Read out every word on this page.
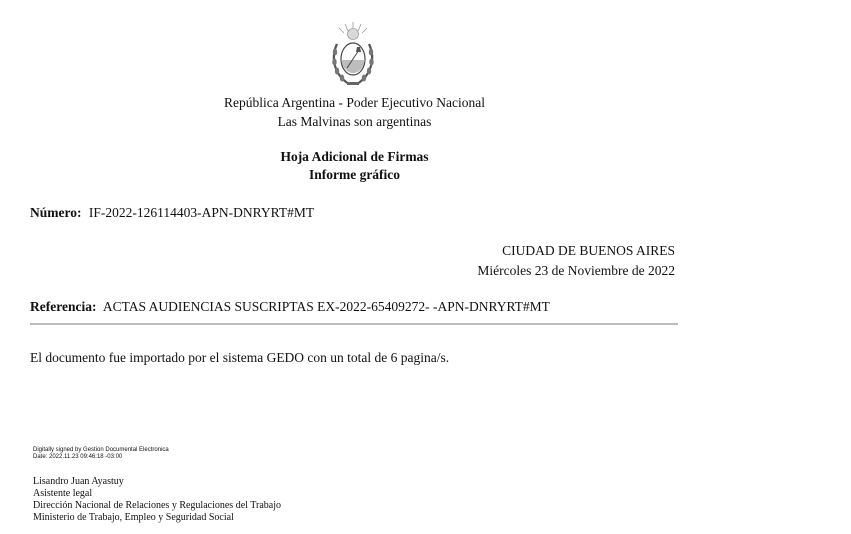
República Argentina - Poder Ejecutivo Nacional
Las Malvinas son argentinas
Hoja Adicional de Firmas
Informe gráfico
Número: IF-2022-126114403-APN-DNRYRT#MT
CIUDAD DE BUENOS AIRES
Miércoles 23 de Noviembre de 2022
Referencia: ACTAS AUDIENCIAS SUSCRIPTAS EX-2022-65409272- -APN-DNRYRT#MT
El documento fue importado por el sistema GEDO con un total de 6 pagina/s.
Digitally signed by Gestion Documental Electronica
Date: 2022.11.23 09:46:18 -03:00
Lisandro Juan Ayastuy
Asistente legal
Dirección Nacional de Relaciones y Regulaciones del Trabajo
Ministerio de Trabajo, Empleo y Seguridad Social
